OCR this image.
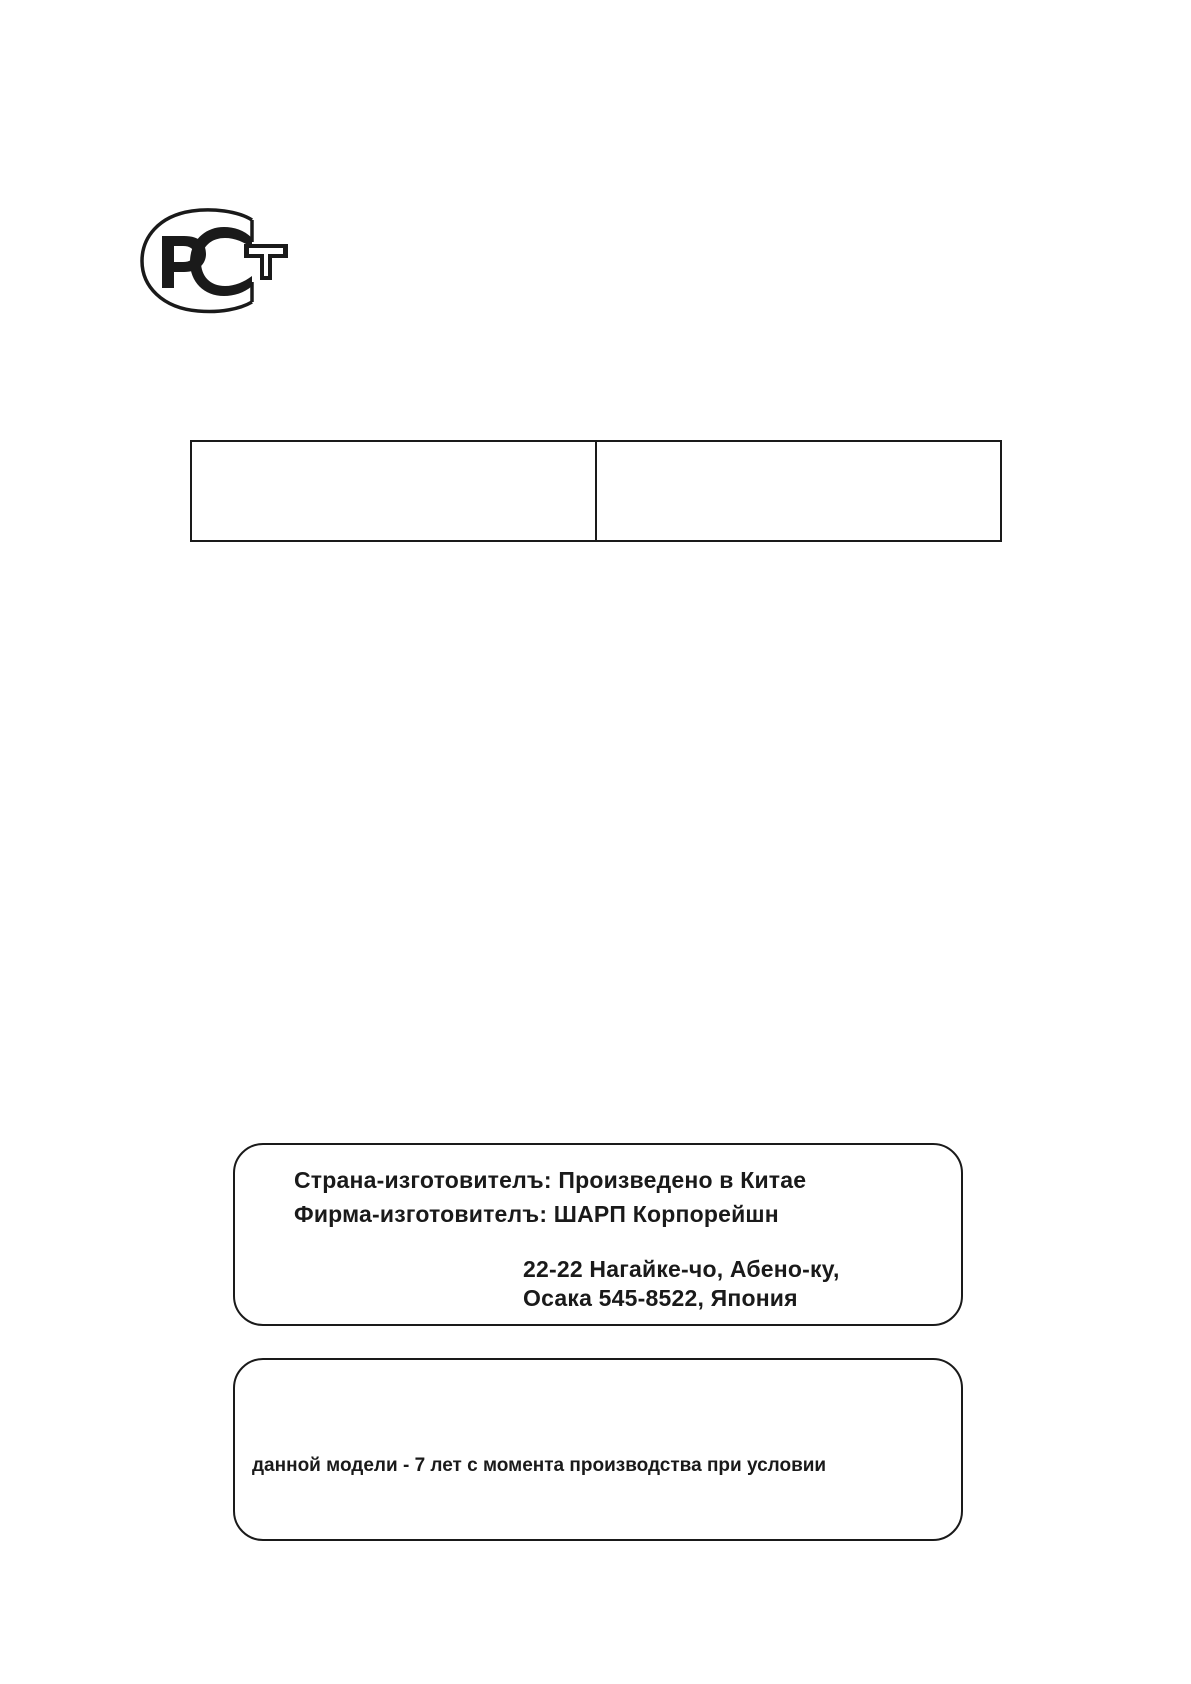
Страна-изготовителъ: Произведено в Китае

Фирма-изготовителъ: ШАРП Корпорейшн

22-22 Нагайке-чо, Абено-ку,

Осака 545-8522, Япония

данной модели - 7 лет с момента производства при условии
